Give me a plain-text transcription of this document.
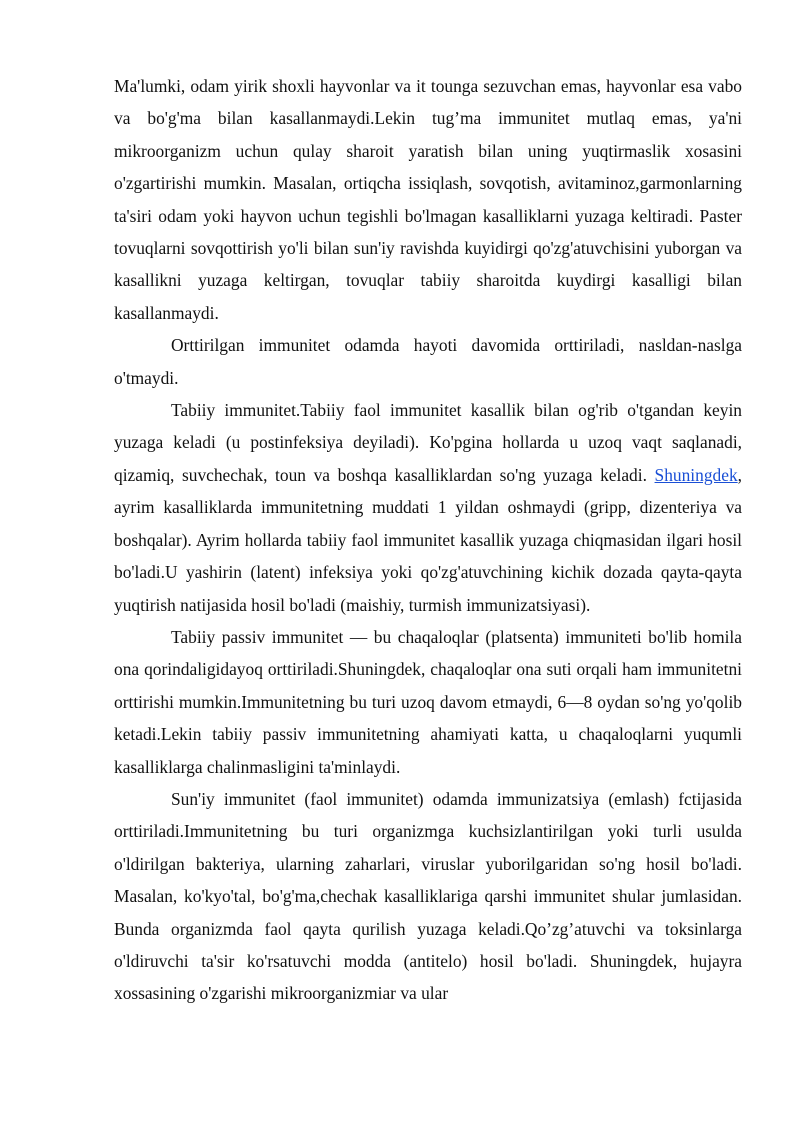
Ma'lumki, odam yirik shoxli hayvonlar va it tounga sezuvchan emas, hayvonlar esa vabo va bo'g'ma bilan kasallanmaydi.Lekin tug’ma immunitet mutlaq emas, ya'ni mikroorganizm uchun qulay sharoit yaratish bilan uning yuqtirmaslik xosasini o'zgartirishi mumkin. Masalan, ortiqcha issiqlash, sovqotish, avitaminoz,garmonlarning ta'siri odam yoki hayvon uchun tegishli bo'lmagan kasalliklarni yuzaga keltiradi. Paster tovuqlarni sovqottirish yo'li bilan sun'iy ravishda kuyidirgi qo'zg'atuvchisini yuborgan va kasallikni yuzaga keltirgan, tovuqlar tabiiy sharoitda kuydirgi kasalligi bilan kasallanmaydi.

Orttirilgan immunitet odamda hayoti davomida orttiriladi, nasldan-naslga o'tmaydi.

Tabiiy immunitet.Tabiiy faol immunitet kasallik bilan og'rib o'tgandan keyin yuzaga keladi (u postinfeksiya deyiladi). Ko'pgina hollarda u uzoq vaqt saqlanadi, qizamiq, suvchechak, toun va boshqa kasalliklardan so'ng yuzaga keladi. Shuningdek, ayrim kasalliklarda immunitetning muddati 1 yildan oshmaydi (gripp, dizenteriya va boshqalar). Ayrim hollarda tabiiy faol immunitet kasallik yuzaga chiqmasidan ilgari hosil bo'ladi.U yashirin (latent) infeksiya yoki qo'zg'atuvchining kichik dozada qayta-qayta yuqtirish natijasida hosil bo'ladi (maishiy, turmish immunizatsiyasi).

Tabiiy passiv immunitet — bu chaqaloqlar (platsenta) immuniteti bo'lib homila ona qorindaligidayoq orttiriladi.Shuningdek, chaqaloqlar ona suti orqali ham immunitetni orttirishi mumkin.Immunitetning bu turi uzoq davom etmaydi, 6—8 oydan so'ng yo'qolib ketadi.Lekin tabiiy passiv immunitetning ahamiyati katta, u chaqaloqlarni yuqumli kasalliklarga chalinmasligini ta'minlaydi.

Sun'iy immunitet (faol immunitet) odamda immunizatsiya (emlash) fctijasida orttiriladi.Immunitetning bu turi organizmga kuchsizlantirilgan yoki turli usulda o'ldirilgan bakteriya, ularning zaharlari, viruslar yuborilgaridan so'ng hosil bo'ladi. Masalan, ko'kyo'tal, bo'g'ma,chechak kasalliklariga qarshi immunitet shular jumlasidan. Bunda organizmda faol qayta qurilish yuzaga keladi.Qo’zg’atuvchi va toksinlarga o'ldiruvchi ta'sir ko'rsatuvchi modda (antitelo) hosil bo'ladi. Shuningdek, hujayra xossasining o'zgarishi mikroorganizmiar va ular
